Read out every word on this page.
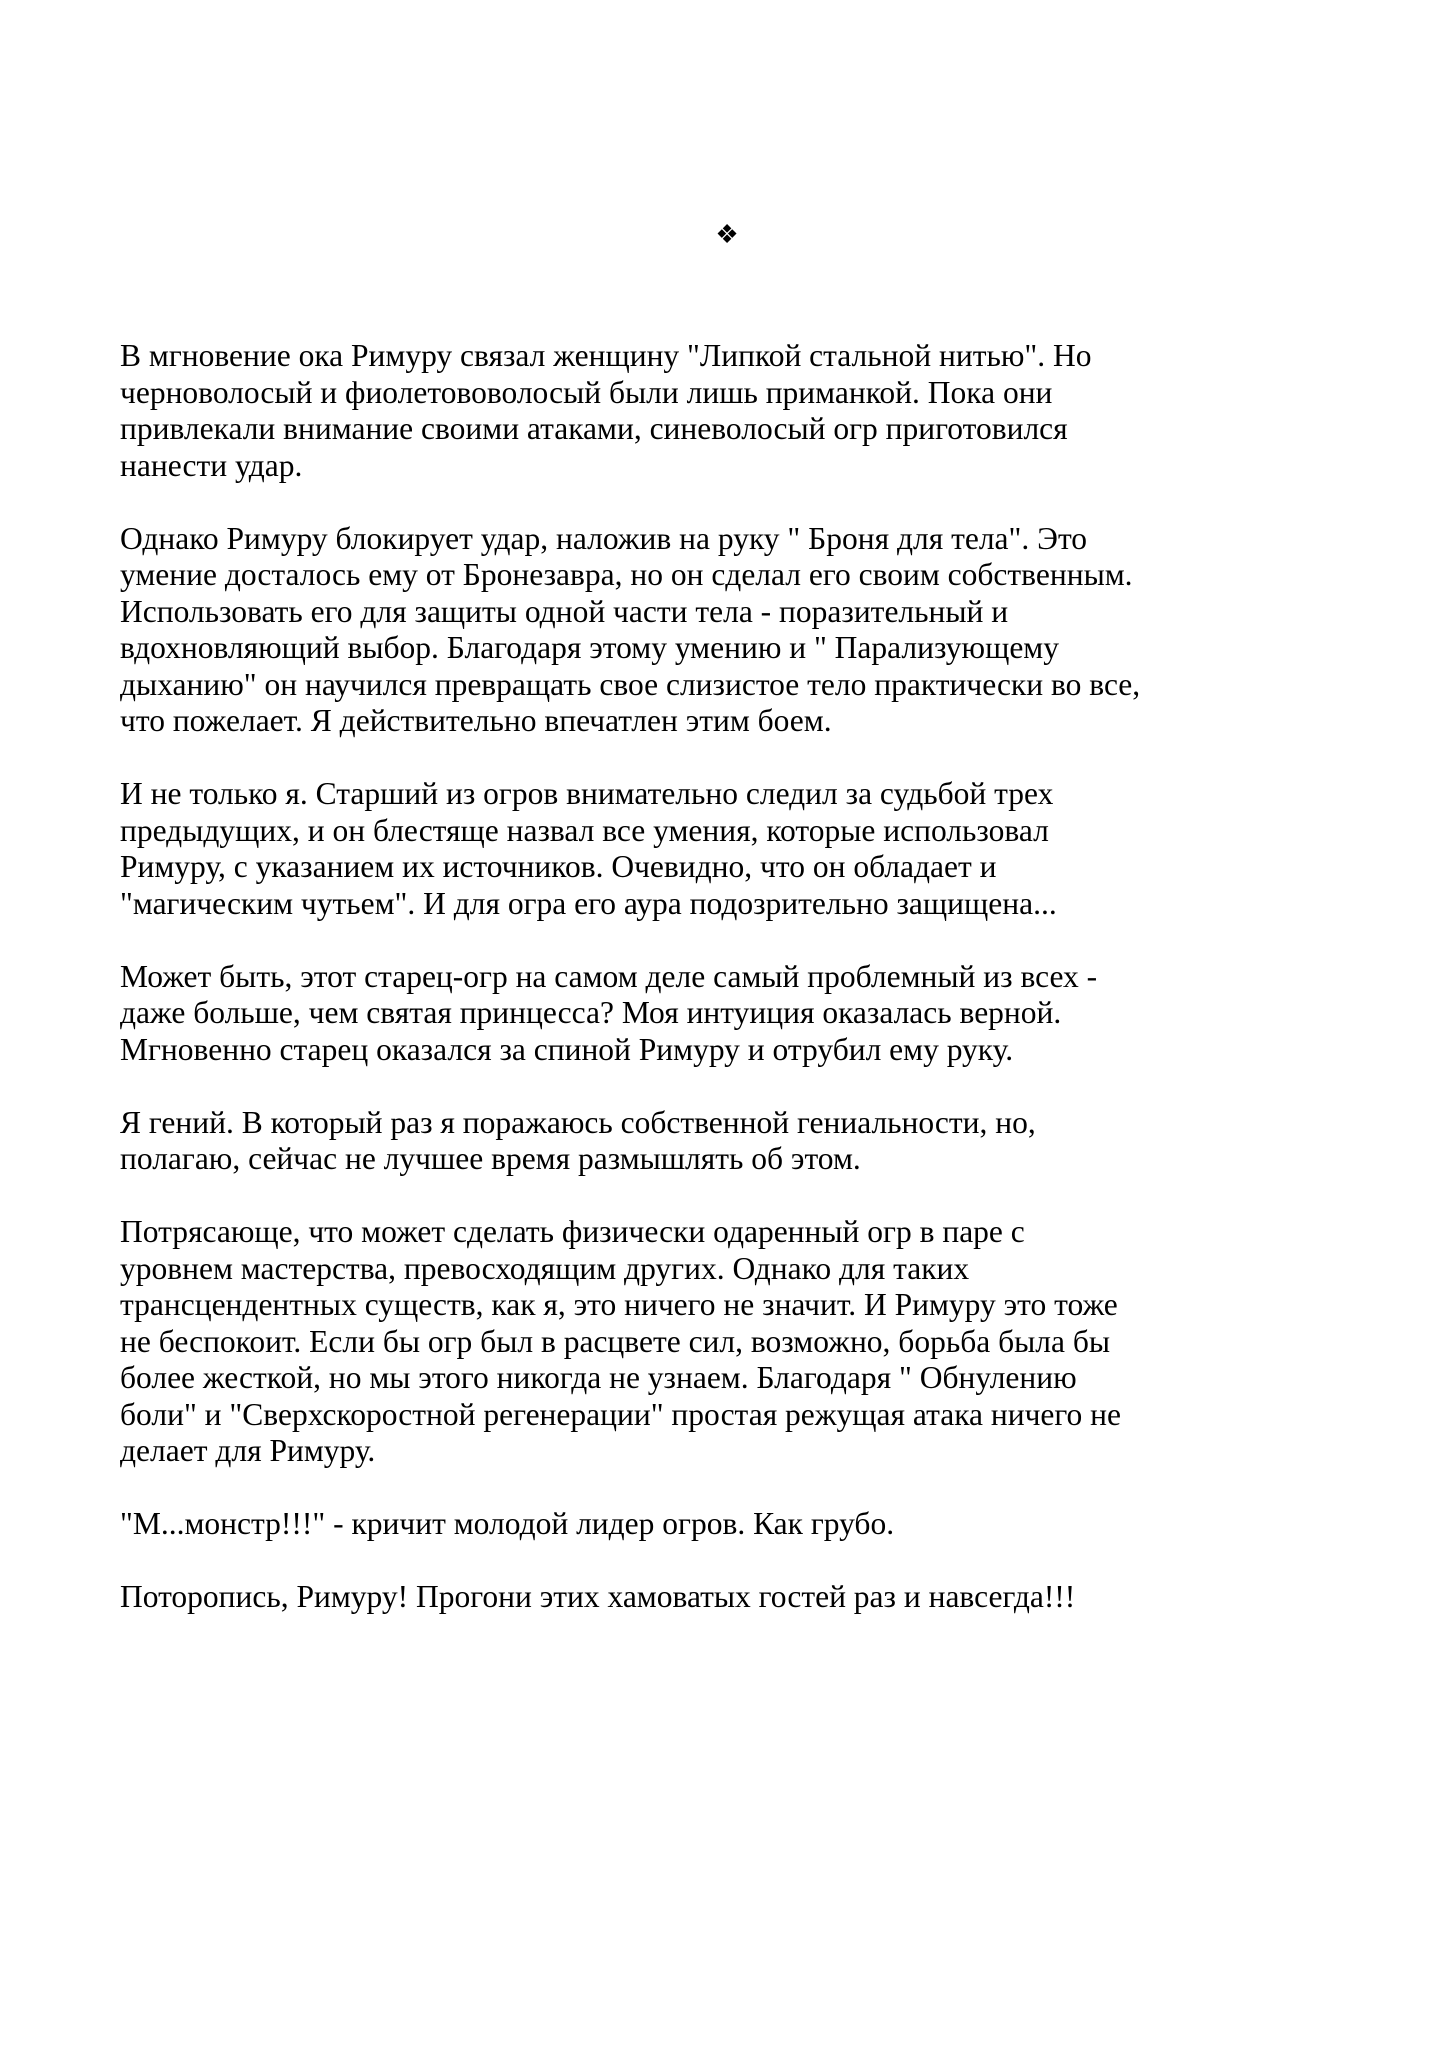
❖

В мгновение ока Римуру связал женщину "Липкой стальной нитью". Но
черноволосый и фиолетововолосый были лишь приманкой. Пока они
привлекали внимание своими атаками, синеволосый огр приготовился
нанести удар.

Однако Римуру блокирует удар, наложив на руку " Броня для тела". Это
умение досталось ему от Бронезавра, но он сделал его своим собственным.
Использовать его для защиты одной части тела - поразительный и
вдохновляющий выбор. Благодаря этому умению и " Парализующему
дыханию" он научился превращать свое слизистое тело практически во все,
что пожелает. Я действительно впечатлен этим боем.

И не только я. Старший из огров внимательно следил за судьбой трех
предыдущих, и он блестяще назвал все умения, которые использовал
Римуру, с указанием их источников. Очевидно, что он обладает и
"магическим чутьем". И для огра его аура подозрительно защищена...

Может быть, этот старец-огр на самом деле самый проблемный из всех -
даже больше, чем святая принцесса? Моя интуиция оказалась верной.
Мгновенно старец оказался за спиной Римуру и отрубил ему руку.

Я гений. В который раз я поражаюсь собственной гениальности, но,
полагаю, сейчас не лучшее время размышлять об этом.

Потрясающе, что может сделать физически одаренный огр в паре с
уровнем мастерства, превосходящим других. Однако для таких
трансцендентных существ, как я, это ничего не значит. И Римуру это тоже
не беспокоит. Если бы огр был в расцвете сил, возможно, борьба была бы
более жесткой, но мы этого никогда не узнаем. Благодаря " Обнулению
боли" и "Сверхскоростной регенерации" простая режущая атака ничего не
делает для Римуру.

"М...монстр!!!" - кричит молодой лидер огров. Как грубо.

Поторопись, Римуру! Прогони этих хамоватых гостей раз и навсегда!!!
